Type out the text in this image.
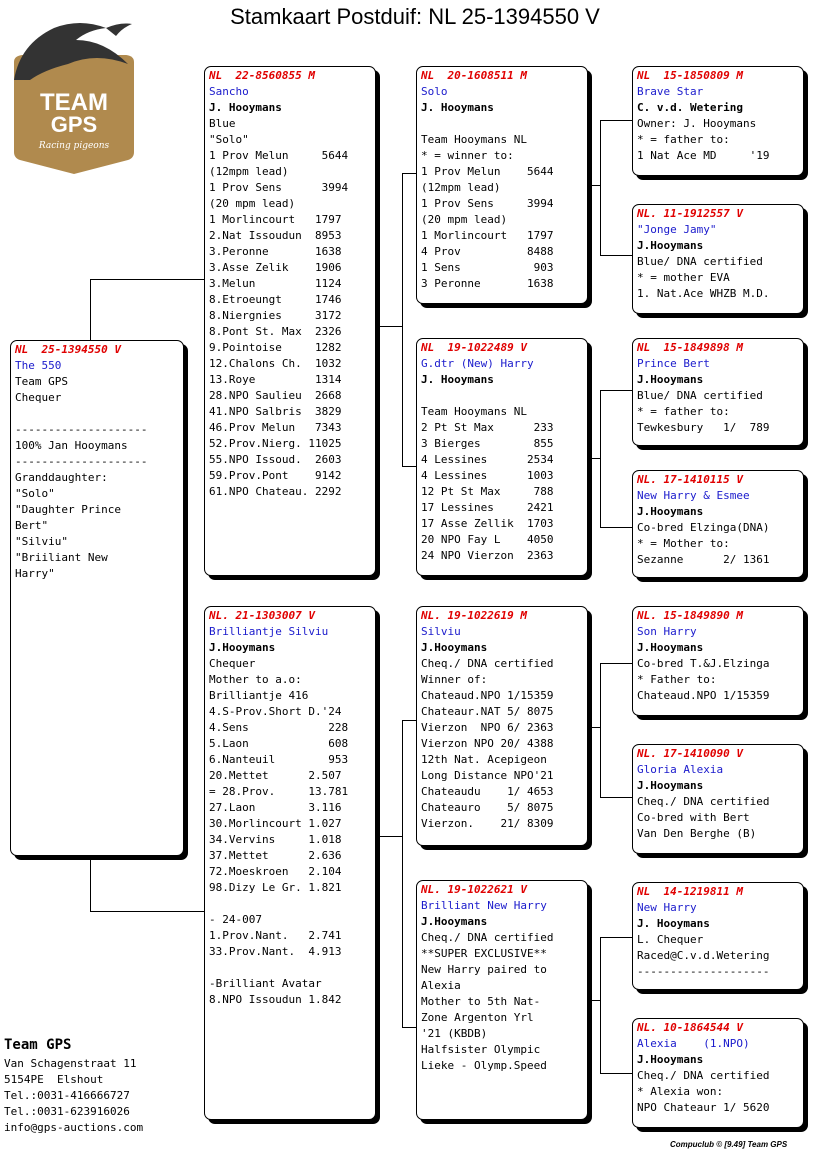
Stamkaart Postduif: NL 25-1394550 V
TEAM
GPS
Racing pigeons
NL  25-1394550 V
The 550
Team GPS
Chequer
--------------------
100% Jan Hooymans
--------------------
Granddaughter:
"Solo"
"Daughter Prince
Bert"
"Silviu"
"Briiliant New
Harry"
NL  22-8560855 M
Sancho
J. Hooymans
Blue
"Solo"
1 Prov Melun     5644
(12mpm lead)
1 Prov Sens      3994
(20 mpm lead)
1 Morlincourt   1797
2.Nat Issoudun  8953
3.Peronne       1638
3.Asse Zelik    1906
3.Melun         1124
8.Etroeungt     1746
8.Niergnies     3172
8.Pont St. Max  2326
9.Pointoise     1282
12.Chalons Ch.  1032
13.Roye         1314
28.NPO Saulieu  2668
41.NPO Salbris  3829
46.Prov Melun   7343
52.Prov.Nierg. 11025
55.NPO Issoud.  2603
59.Prov.Pont    9142
61.NPO Chateau. 2292
NL. 21-1303007 V
Brilliantje Silviu
J.Hooymans
Chequer
Mother to a.o:
Brilliantje 416
4.S-Prov.Short D.'24
4.Sens            228
5.Laon            608
6.Nanteuil        953
20.Mettet      2.507
= 28.Prov.     13.781
27.Laon        3.116
30.Morlincourt 1.027
34.Vervins     1.018
37.Mettet      2.636
72.Moeskroen   2.104
98.Dizy Le Gr. 1.821
- 24-007
1.Prov.Nant.   2.741
33.Prov.Nant.  4.913
-Brilliant Avatar
8.NPO Issoudun 1.842
NL  20-1608511 M
Solo
J. Hooymans
Team Hooymans NL
* = winner to:
1 Prov Melun    5644
(12mpm lead)
1 Prov Sens     3994
(20 mpm lead)
1 Morlincourt   1797
4 Prov          8488
1 Sens           903
3 Peronne       1638
NL  19-1022489 V
G.dtr (New) Harry
J. Hooymans
Team Hooymans NL
2 Pt St Max      233
3 Bierges        855
4 Lessines      2534
4 Lessines      1003
12 Pt St Max     788
17 Lessines     2421
17 Asse Zellik  1703
20 NPO Fay L    4050
24 NPO Vierzon  2363
NL. 19-1022619 M
Silviu
J.Hooymans
Cheq./ DNA certified
Winner of:
Chateaud.NPO 1/15359
Chateaur.NAT 5/ 8075
Vierzon  NPO 6/ 2363
Vierzon NPO 20/ 4388
12th Nat. Acepigeon
Long Distance NPO'21
Chateaudu    1/ 4653
Chateauro    5/ 8075
Vierzon.    21/ 8309
NL. 19-1022621 V
Brilliant New Harry
J.Hooymans
Cheq./ DNA certified
**SUPER EXCLUSIVE**
New Harry paired to
Alexia
Mother to 5th Nat-
Zone Argenton Yrl
'21 (KBDB)
Halfsister Olympic
Lieke - Olymp.Speed
NL  15-1850809 M
Brave Star
C. v.d. Wetering
Owner: J. Hooymans
* = father to:
1 Nat Ace MD     '19
NL. 11-1912557 V
"Jonge Jamy"
J.Hooymans
Blue/ DNA certified
* = mother EVA
1. Nat.Ace WHZB M.D.
NL  15-1849898 M
Prince Bert
J.Hooymans
Blue/ DNA certified
* = father to:
Tewkesbury   1/  789
NL. 17-1410115 V
New Harry & Esmee
J.Hooymans
Co-bred Elzinga(DNA)
* = Mother to:
Sezanne      2/ 1361
NL. 15-1849890 M
Son Harry
J.Hooymans
Co-bred T.&J.Elzinga
* Father to:
Chateaud.NPO 1/15359
NL. 17-1410090 V
Gloria Alexia
J.Hooymans
Cheq./ DNA certified
Co-bred with Bert
Van Den Berghe (B)
NL  14-1219811 M
New Harry
J. Hooymans
L. Chequer
Raced@C.v.d.Wetering
--------------------
NL. 10-1864544 V
Alexia    (1.NPO)
J.Hooymans
Cheq./ DNA certified
* Alexia won:
NPO Chateaur 1/ 5620
Team GPS
Van Schagenstraat 11
5154PE  Elshout
Tel.:0031-416666727
Tel.:0031-623916026
info@gps-auctions.com
Compuclub © [9.49] Team GPS
